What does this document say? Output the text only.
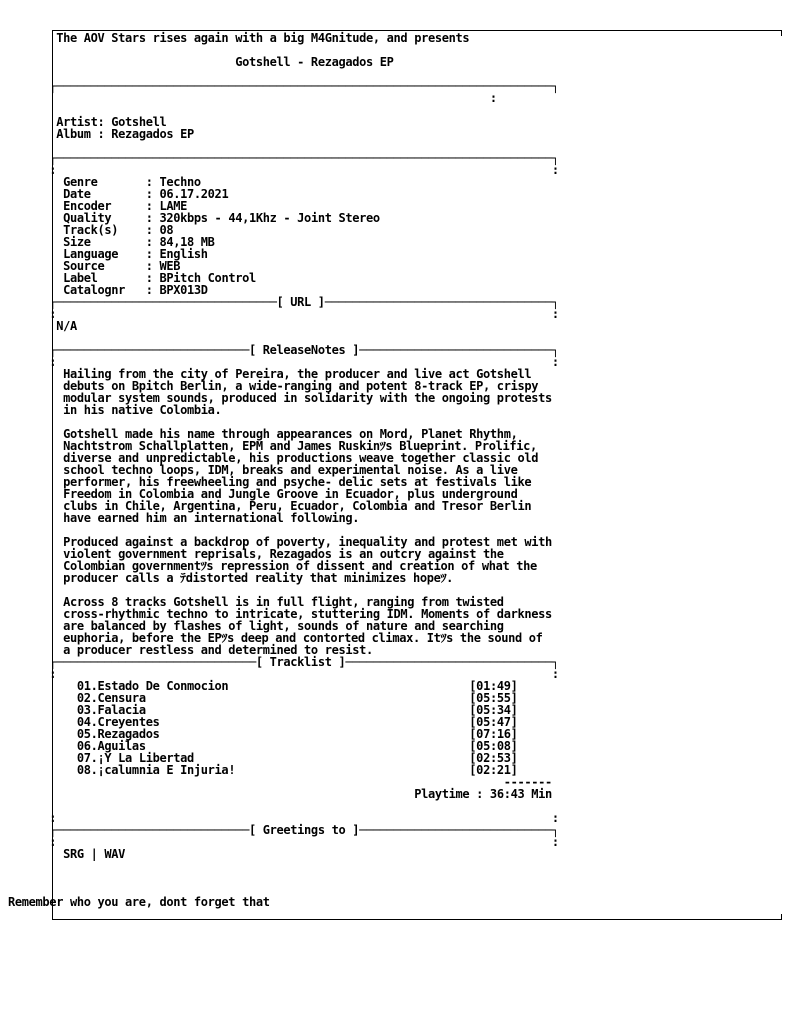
The AOV Stars rises again with a big M4Gnitude, and presents

Gotshell - Rezagados EP

┌────────────────────────────────────────────────────────────────────────┐
:

Artist: Gotshell
Album : Rezagados EP

┌────────────────────────────────────────────────────────────────────────┐
:                                                                        :
Genre       : Techno
Date        : 06.17.2021
Encoder     : LAME
Quality     : 320kbps - 44,1Khz - Joint Stereo
Track(s)    : 08
Size        : 84,18 MB
Language    : English
Source      : WEB
Label       : BPitch Control
Catalognr   : BPX013D
┌────────────────────────────────[ URL ]─────────────────────────────────┐
:                                                                        :
N/A

┌────────────────────────────[ ReleaseNotes ]────────────────────────────┐
:                                                                        :
Hailing from the city of Pereira, the producer and live act Gotshell
debuts on Bpitch Berlin, a wide-ranging and potent 8-track EP, crispy
modular system sounds, produced in solidarity with the ongoing protests
in his native Colombia.

Gotshell made his name through appearances on Mord, Planet Rhythm,
Nachtstrom Schallplatten, EPM and James Ruskinﾂs Blueprint. Prolific,
diverse and unpredictable, his productions weave together classic old
school techno loops, IDM, breaks and experimental noise. As a live
performer, his freewheeling and psyche- delic sets at festivals like
Freedom in Colombia and Jungle Groove in Ecuador, plus underground
clubs in Chile, Argentina, Peru, Ecuador, Colombia and Tresor Berlin
have earned him an international following.

Produced against a backdrop of poverty, inequality and protest met with
violent government reprisals, Rezagados is an outcry against the
Colombian governmentﾂs repression of dissent and creation of what the
producer calls a ﾃdistorted reality that minimizes hopeﾂ.

Across 8 tracks Gotshell is in full flight, ranging from twisted
cross-rhythmic techno to intricate, stuttering IDM. Moments of darkness
are balanced by flashes of light, sounds of nature and searching
euphoria, before the EPﾂs deep and contorted climax. Itﾂs the sound of
a producer restless and determined to resist.
┌─────────────────────────────[ Tracklist ]──────────────────────────────┐
:                                                                        :
01.Estado De Conmocion	[01:49]
02.Censura	[05:55]
03.Falacia	[05:34]
04.Creyentes	[05:47]
05.Rezagados	[07:16]
06.Aguilas	[05:08]
07.¡Y La Libertad	[02:53]
08.¡calumnia E Injuria!	[02:21]
-------
Playtime : 36:43 Min

:                                                                        :
┌────────────────────────────[ Greetings to ]────────────────────────────┐
:                                                                        :
SRG | WAV

Remember who you are, dont forget that
